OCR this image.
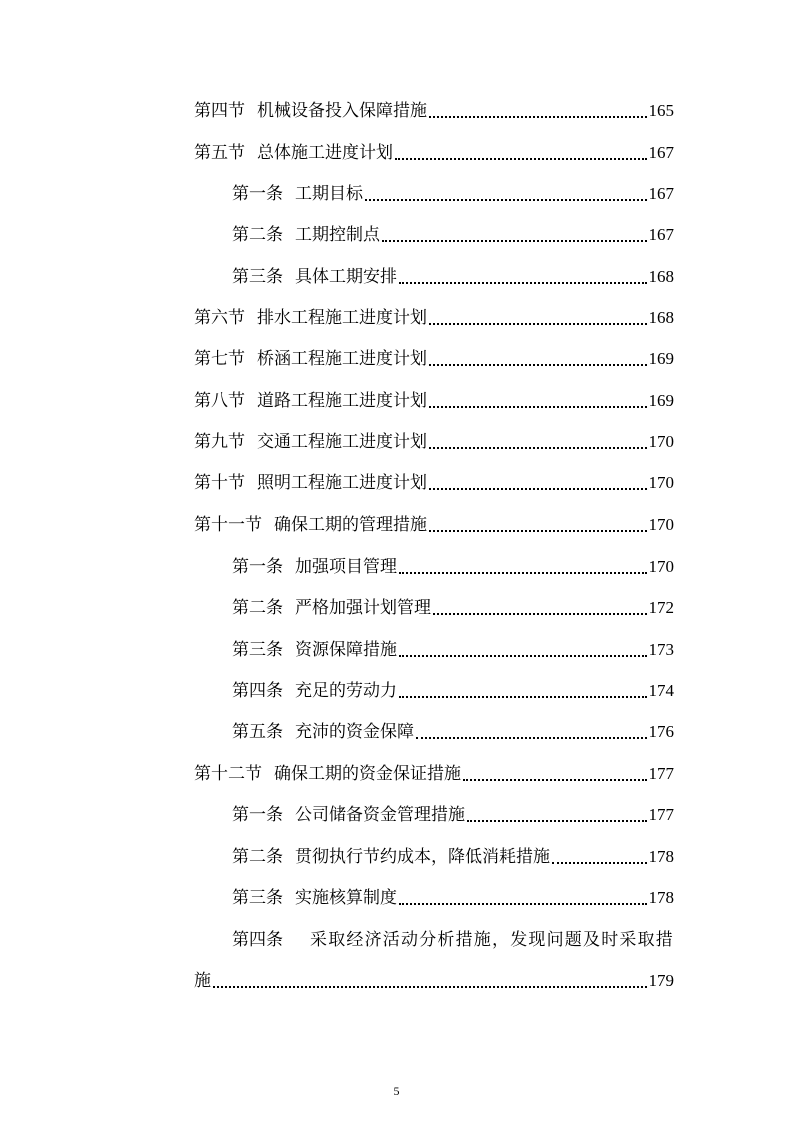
第四节 机械设备投入保障措施	165
第五节 总体施工进度计划	167
第一条 工期目标	167
第二条 工期控制点	167
第三条 具体工期安排	168
第六节 排水工程施工进度计划	168
第七节 桥涵工程施工进度计划	169
第八节 道路工程施工进度计划	169
第九节 交通工程施工进度计划	170
第十节 照明工程施工进度计划	170
第十一节 确保工期的管理措施	170
第一条 加强项目管理	170
第二条 严格加强计划管理	172
第三条 资源保障措施	173
第四条 充足的劳动力	174
第五条 充沛的资金保障	176
第十二节 确保工期的资金保证措施	177
第一条 公司储备资金管理措施	177
第二条 贯彻执行节约成本，降低消耗措施	178
第三条 实施核算制度	178
第四条 采取经济活动分析措施，发现问题及时采取措
施	179
5
